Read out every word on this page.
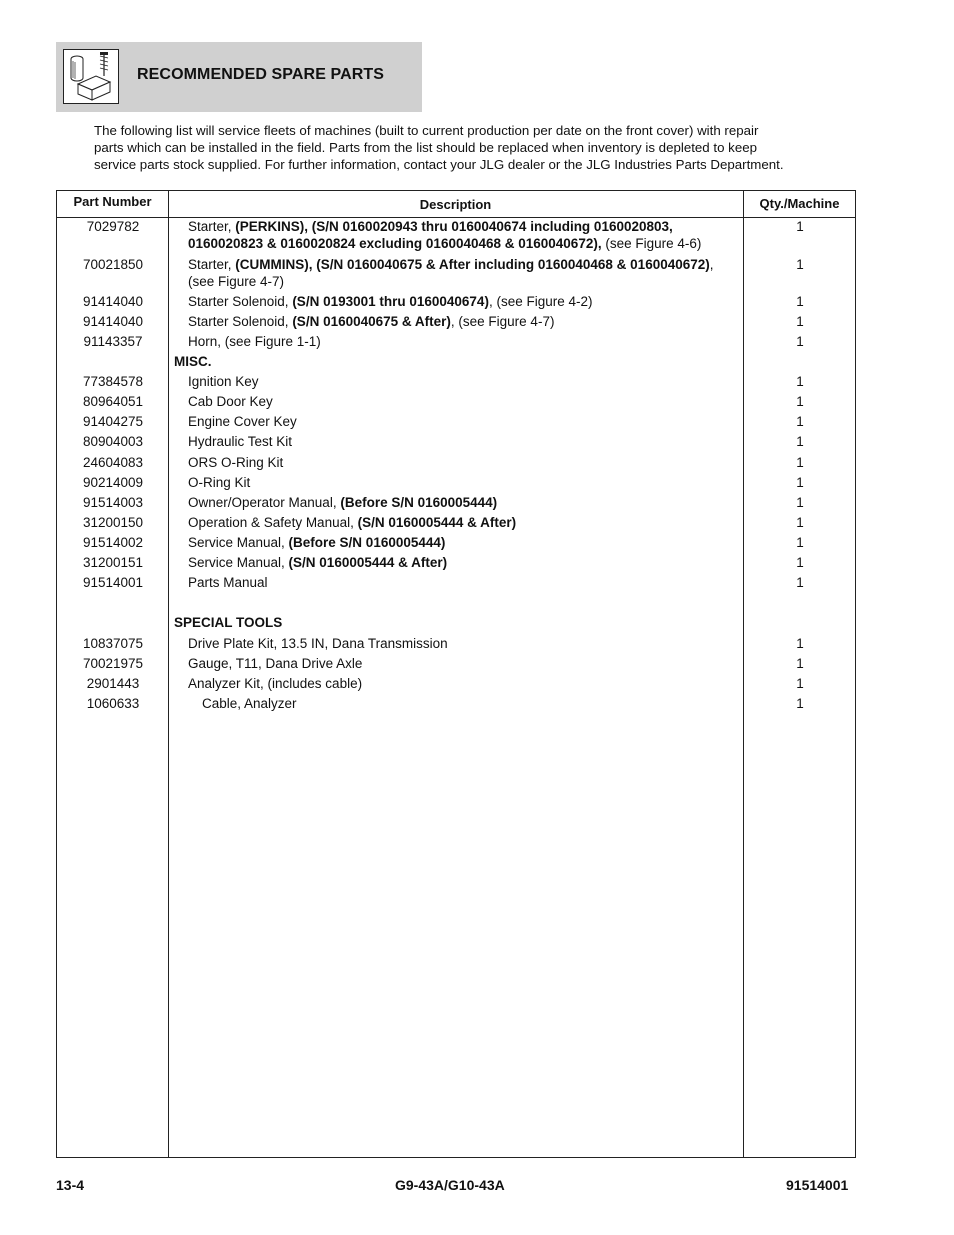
RECOMMENDED SPARE PARTS

The following list will service fleets of machines (built to current production per date on the front cover) with repair

parts which can be installed in the field. Parts from the list should be replaced when inventory is depleted to keep

service parts stock supplied. For further information, contact your JLG dealer or the JLG Industries Parts Department.

Part Number	Description	Qty./Machine
7029782	Starter, (PERKINS), (S/N 0160020943 thru 0160040674 including 0160020803,	1
0160020823 & 0160020824 excluding 0160040468 & 0160040672), (see Figure 4-6)
70021850	Starter, (CUMMINS), (S/N 0160040675 & After including 0160040468 & 0160040672),	1
(see Figure 4-7)
91414040	Starter Solenoid, (S/N 0193001 thru 0160040674), (see Figure 4-2)	1
91414040	Starter Solenoid, (S/N 0160040675 & After), (see Figure 4-7)	1
91143357	Horn, (see Figure 1-1)	1
MISC.
77384578	Ignition Key	1
80964051	Cab Door Key	1
91404275	Engine Cover Key	1
80904003	Hydraulic Test Kit	1
24604083	ORS O-Ring Kit	1
90214009	O-Ring Kit	1
91514003	Owner/Operator Manual, (Before S/N 0160005444)	1
31200150	Operation & Safety Manual, (S/N 0160005444 & After)	1
91514002	Service Manual, (Before S/N 0160005444)	1
31200151	Service Manual, (S/N 0160005444 & After)	1
91514001	Parts Manual	1
SPECIAL TOOLS
10837075	Drive Plate Kit, 13.5 IN, Dana Transmission	1
70021975	Gauge, T11, Dana Drive Axle	1
2901443	Analyzer Kit, (includes cable)	1
1060633	Cable, Analyzer	1
13-4	G9-43A/G10-43A	91514001
